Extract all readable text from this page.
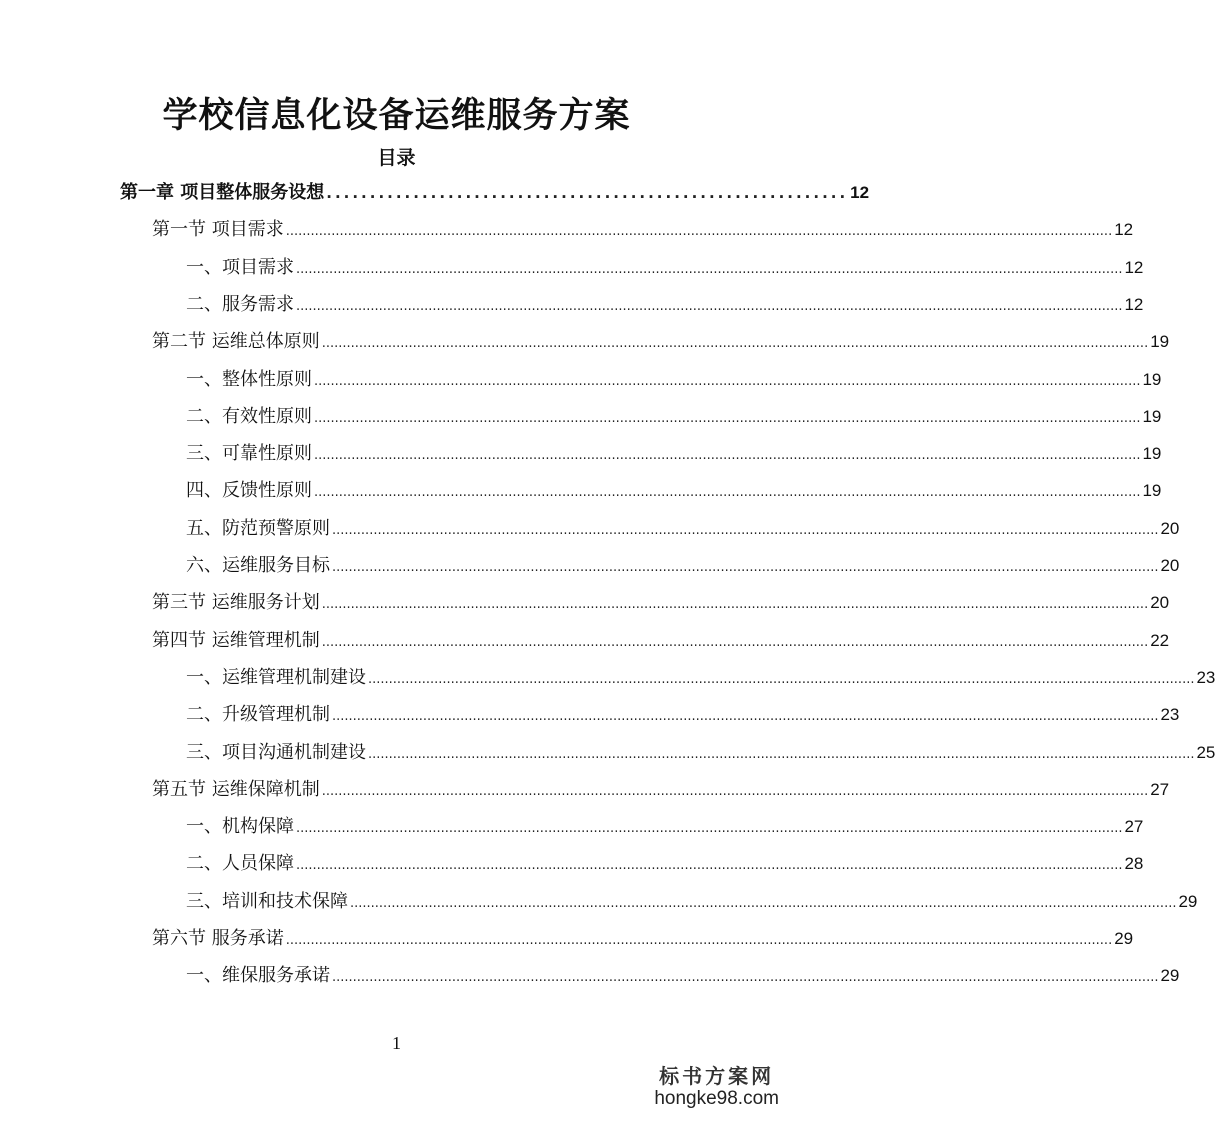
学校信息化设备运维服务方案
目录
第一章 项目整体服务设想 ............................................................ 12
第一节 项目需求 ........................................................................................................................................................................................................ 12
一、项目需求 ........................................................................................................................................................................................................ 12
二、服务需求 ........................................................................................................................................................................................................ 12
第二节 运维总体原则 ........................................................................................................................................................................................................ 19
一、整体性原则 ........................................................................................................................................................................................................ 19
二、有效性原则 ........................................................................................................................................................................................................ 19
三、可靠性原则 ........................................................................................................................................................................................................ 19
四、反馈性原则 ........................................................................................................................................................................................................ 19
五、防范预警原则 ........................................................................................................................................................................................................ 20
六、运维服务目标 ........................................................................................................................................................................................................ 20
第三节 运维服务计划 ........................................................................................................................................................................................................ 20
第四节 运维管理机制 ........................................................................................................................................................................................................ 22
一、运维管理机制建设 ........................................................................................................................................................................................................ 23
二、升级管理机制 ........................................................................................................................................................................................................ 23
三、项目沟通机制建设 ........................................................................................................................................................................................................ 25
第五节 运维保障机制 ........................................................................................................................................................................................................ 27
一、机构保障 ........................................................................................................................................................................................................ 27
二、人员保障 ........................................................................................................................................................................................................ 28
三、培训和技术保障 ........................................................................................................................................................................................................ 29
第六节 服务承诺 ........................................................................................................................................................................................................ 29
一、维保服务承诺 ........................................................................................................................................................................................................ 29
1
标书方案网
hongke98.com
